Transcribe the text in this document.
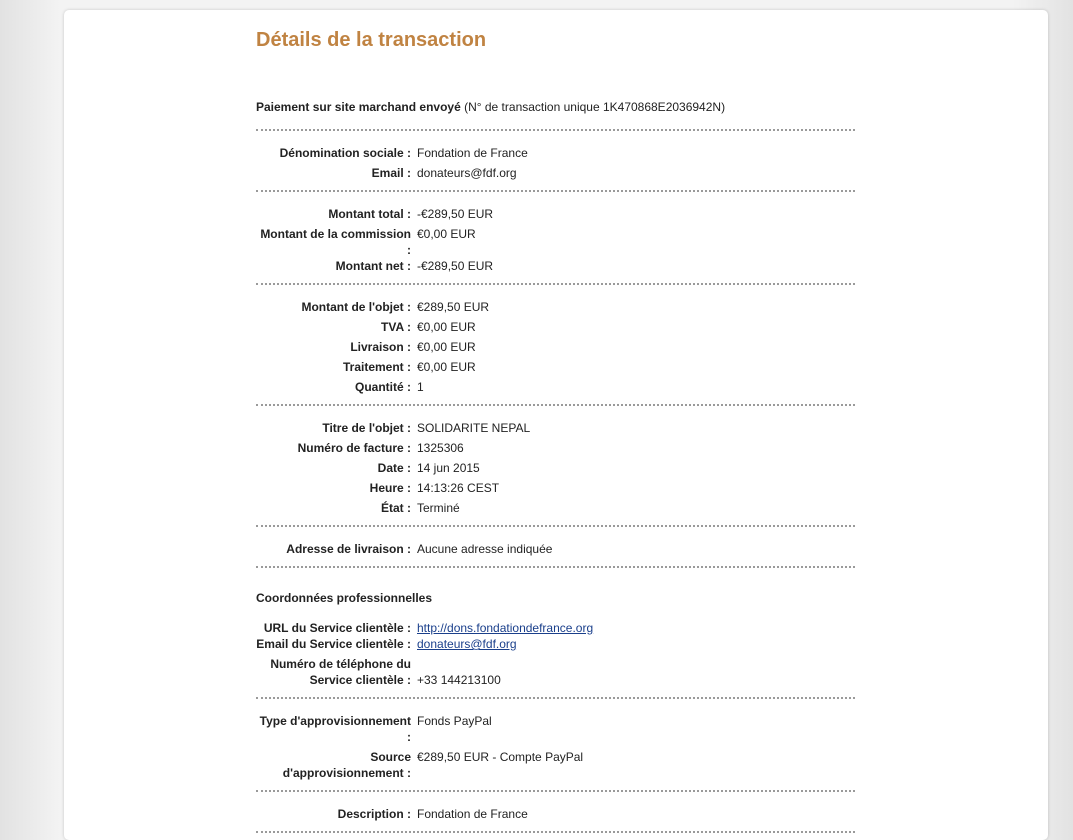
Détails de la transaction
Paiement sur site marchand envoyé (N° de transaction unique 1K470868E2036942N)
Dénomination sociale : Fondation de France
Email : donateurs@fdf.org
Montant total : -€289,50 EUR
Montant de la commission :
€0,00 EUR
Montant net : -€289,50 EUR
Montant de l'objet : €289,50 EUR
TVA : €0,00 EUR
Livraison : €0,00 EUR
Traitement : €0,00 EUR
Quantité : 1
Titre de l'objet : SOLIDARITE NEPAL
Numéro de facture : 1325306
Date : 14 jun 2015
Heure : 14:13:26 CEST
État : Terminé
Adresse de livraison : Aucune adresse indiquée
Coordonnées professionnelles
URL du Service clientèle : http://dons.fondationdefrance.org
Email du Service clientèle : donateurs@fdf.org
Numéro de téléphone du
Service clientèle : +33 144213100
Type d'approvisionnement :
Fonds PayPal
Source
d'approvisionnement :
€289,50 EUR - Compte PayPal
Description : Fondation de France
